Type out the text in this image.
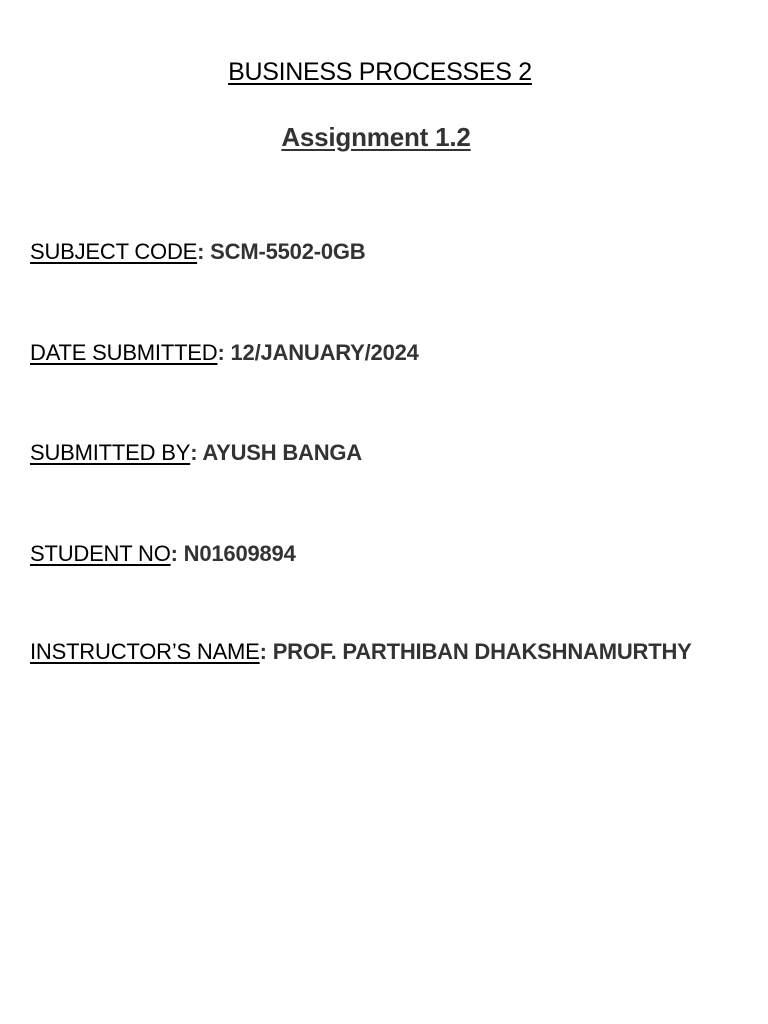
BUSINESS PROCESSES 2
Assignment 1.2
SUBJECT CODE: SCM-5502-0GB
DATE SUBMITTED: 12/JANUARY/2024
SUBMITTED BY: AYUSH BANGA
STUDENT NO: N01609894
INSTRUCTOR’S NAME: PROF. PARTHIBAN DHAKSHNAMURTHY
